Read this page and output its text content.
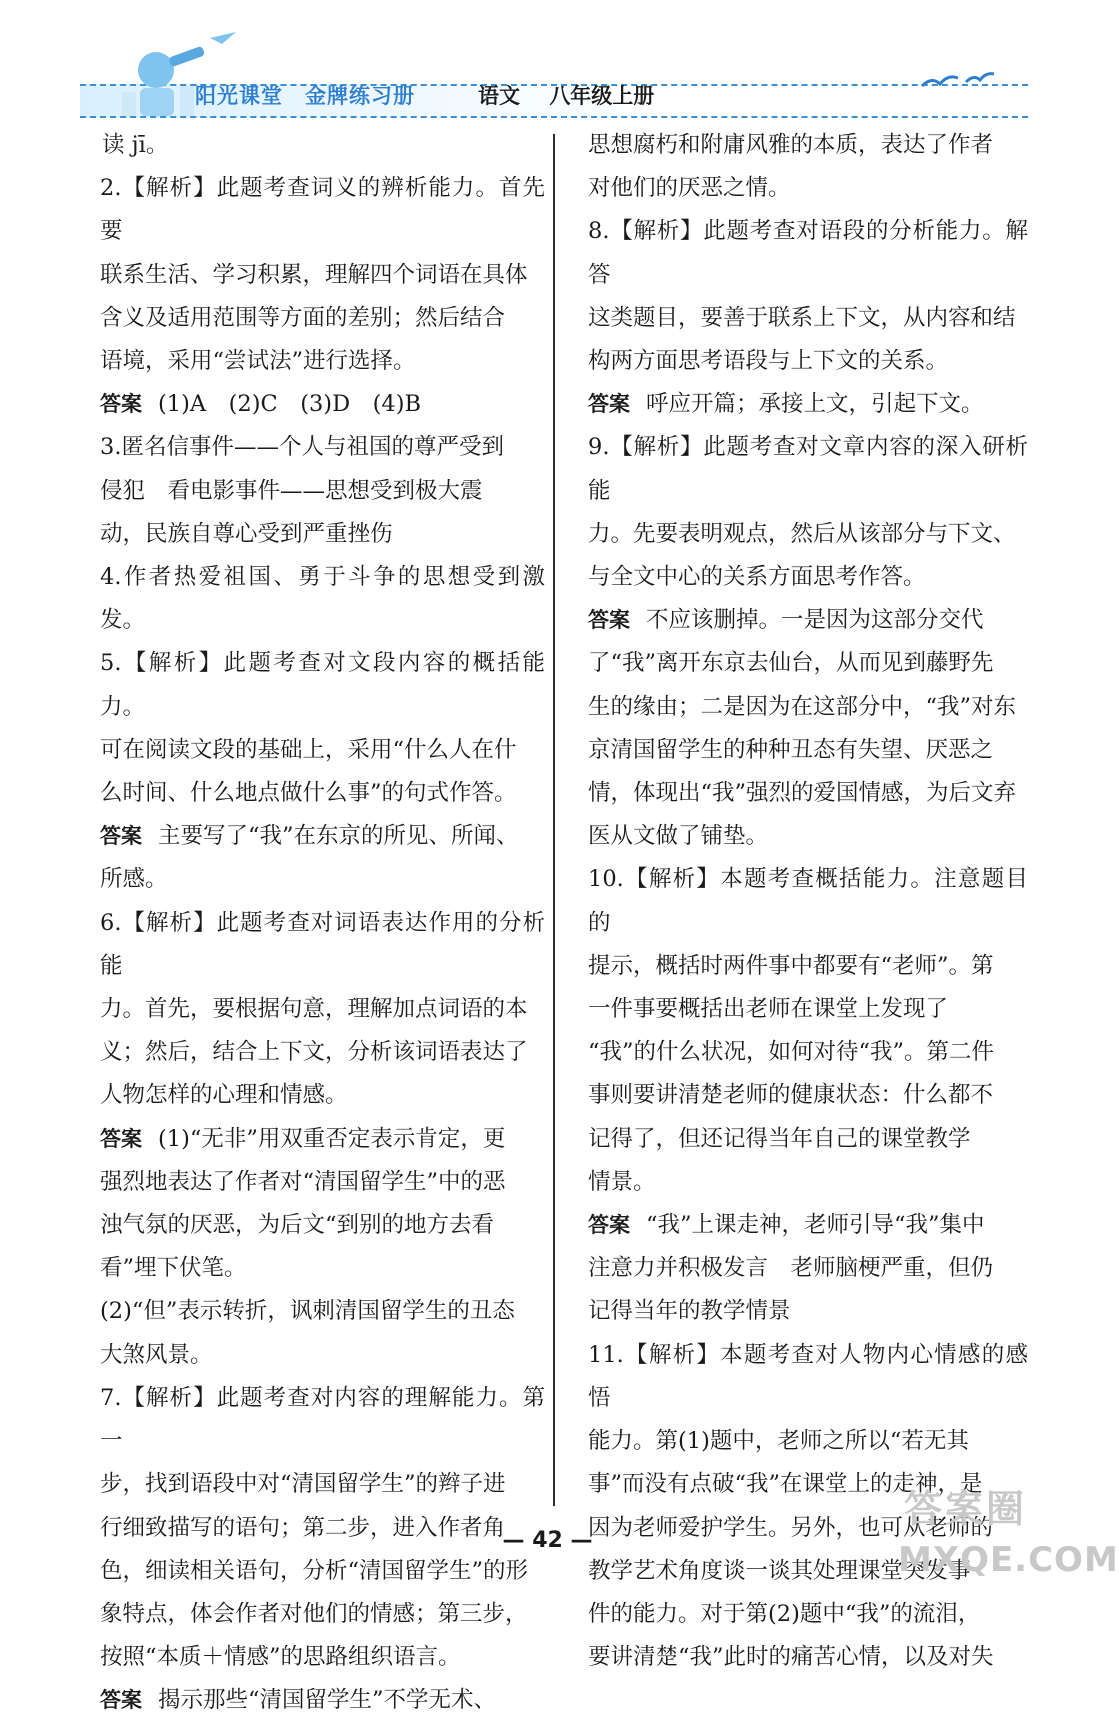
阳光课堂　金牌练习册	语文 八年级上册

读 jī。

2.【解析】此题考查词义的辨析能力。首先要

联系生活、学习积累，理解四个词语在具体

含义及适用范围等方面的差别；然后结合

语境，采用“尝试法”进行选择。

答案 (1)A　(2)C　(3)D　(4)B

3.匿名信事件——个人与祖国的尊严受到

侵犯　看电影事件——思想受到极大震

动，民族自尊心受到严重挫伤

4.作者热爱祖国、勇于斗争的思想受到激发。

5.【解析】此题考查对文段内容的概括能力。

可在阅读文段的基础上，采用“什么人在什

么时间、什么地点做什么事”的句式作答。

答案 主要写了“我”在东京的所见、所闻、

所感。

6.【解析】此题考查对词语表达作用的分析能

力。首先，要根据句意，理解加点词语的本

义；然后，结合上下文，分析该词语表达了

人物怎样的心理和情感。

答案 (1)“无非”用双重否定表示肯定，更

强烈地表达了作者对“清国留学生”中的恶

浊气氛的厌恶，为后文“到别的地方去看

看”埋下伏笔。

(2)“但”表示转折，讽刺清国留学生的丑态

大煞风景。

7.【解析】此题考查对内容的理解能力。第一

步，找到语段中对“清国留学生”的辫子进

行细致描写的语句；第二步，进入作者角

色，细读相关语句，分析“清国留学生”的形

象特点，体会作者对他们的情感；第三步，

按照“本质＋情感”的思路组织语言。

答案 揭示那些“清国留学生”不学无术、

思想腐朽和附庸风雅的本质，表达了作者

对他们的厌恶之情。

8.【解析】此题考查对语段的分析能力。解答

这类题目，要善于联系上下文，从内容和结

构两方面思考语段与上下文的关系。

答案 呼应开篇；承接上文，引起下文。

9.【解析】此题考查对文章内容的深入研析能

力。先要表明观点，然后从该部分与下文、

与全文中心的关系方面思考作答。

答案 不应该删掉。一是因为这部分交代

了“我”离开东京去仙台，从而见到藤野先

生的缘由；二是因为在这部分中，“我”对东

京清国留学生的种种丑态有失望、厌恶之

情，体现出“我”强烈的爱国情感，为后文弃

医从文做了铺垫。

10.【解析】本题考查概括能力。注意题目的

提示，概括时两件事中都要有“老师”。第

一件事要概括出老师在课堂上发现了

“我”的什么状况，如何对待“我”。第二件

事则要讲清楚老师的健康状态：什么都不

记得了，但还记得当年自己的课堂教学

情景。

答案 “我”上课走神，老师引导“我”集中

注意力并积极发言　老师脑梗严重，但仍

记得当年的教学情景

11.【解析】本题考查对人物内心情感的感悟

能力。第(1)题中，老师之所以“若无其

事”而没有点破“我”在课堂上的走神，是

因为老师爱护学生。另外，也可从老师的

教学艺术角度谈一谈其处理课堂突发事

件的能力。对于第(2)题中“我”的流泪，

要讲清楚“我”此时的痛苦心情，以及对失

— 42 —
答案圈
MXQE.COM
